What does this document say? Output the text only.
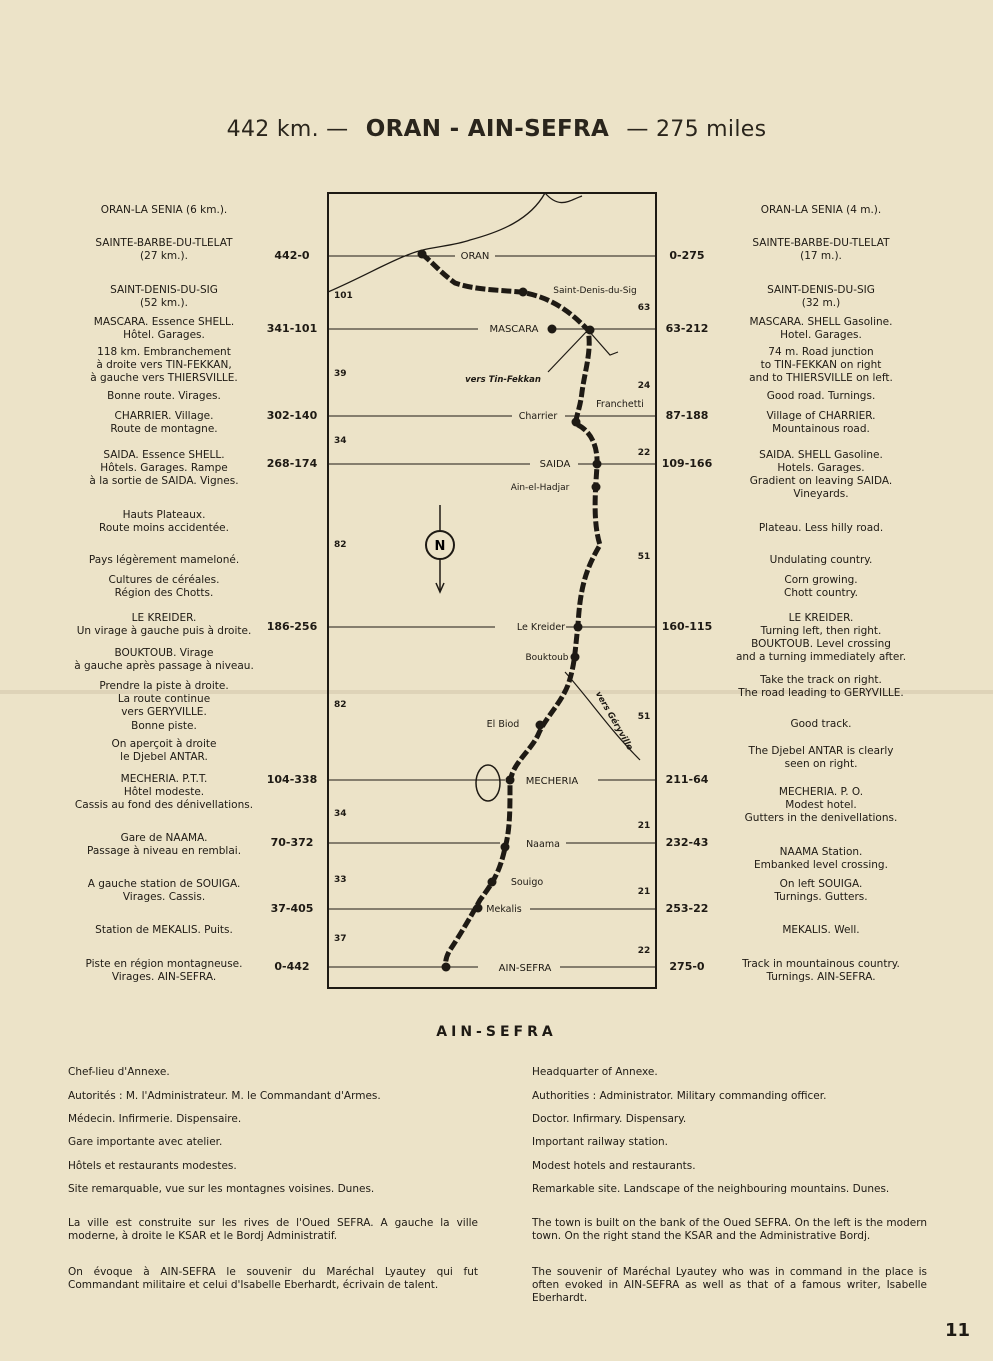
442 km. — ORAN - AIN-SEFRA — 275 miles
ORAN-LA SENIA (6 km.).
SAINTE-BARBE-DU-TLELAT
(27 km.).
SAINT-DENIS-DU-SIG
(52 km.).
MASCARA. Essence SHELL.
Hôtel. Garages.
118 km. Embranchement
à droite vers TIN-FEKKAN,
à gauche vers THIERSVILLE.
Bonne route. Virages.
CHARRIER. Village.
Route de montagne.
SAIDA. Essence SHELL.
Hôtels. Garages. Rampe
à la sortie de SAIDA. Vignes.
Hauts Plateaux.
Route moins accidentée.
Pays légèrement mameloné.
Cultures de céréales.
Région des Chotts.
LE KREIDER.
Un virage à gauche puis à droite.
BOUKTOUB. Virage
à gauche après passage à niveau.
Prendre la piste à droite.
La route continue
vers GERYVILLE.
Bonne piste.
On aperçoit à droite
le Djebel ANTAR.
MECHERIA. P.T.T.
Hôtel modeste.
Cassis au fond des dénivellations.
Gare de NAAMA.
Passage à niveau en remblai.
A gauche station de SOUIGA.
Virages. Cassis.
Station de MEKALIS. Puits.
Piste en région montagneuse.
Virages. AIN-SEFRA.
ORAN-LA SENIA (4 m.).
SAINTE-BARBE-DU-TLELAT
(17 m.).
SAINT-DENIS-DU-SIG
(32 m.)
MASCARA. SHELL Gasoline.
Hotel. Garages.
74 m. Road junction
to TIN-FEKKAN on right
and to THIERSVILLE on left.
Good road. Turnings.
Village of CHARRIER.
Mountainous road.
SAIDA. SHELL Gasoline.
Hotels. Garages.
Gradient on leaving SAIDA.
Vineyards.
Plateau. Less hilly road.
Undulating country.
Corn growing.
Chott country.
LE KREIDER.
Turning left, then right.
BOUKTOUB. Level crossing
and a turning immediately after.
Take the track on right.
The road leading to GERYVILLE.
Good track.
The Djebel ANTAR is clearly
seen on right.
MECHERIA. P. O.
Modest hotel.
Gutters in the denivellations.
NAAMA Station.
Embanked level crossing.
On left SOUIGA.
Turnings. Gutters.
MEKALIS. Well.
Track in mountainous country.
Turnings. AIN-SEFRA.
442-0
341-101
302-140
268-174
186-256
104-338
70-372
37-405
0-442
0-275
63-212
87-188
109-166
160-115
211-64
232-43
253-22
275-0
N
ORAN
Saint-Denis-du-Sig
MASCARA
vers Tin-Fekkan
Franchetti
Charrier
SAIDA
Ain-el-Hadjar
Le Kreider
Bouktoub
vers Géryville
El Biod
MECHERIA
Naama
Souigo
Mekalis
AIN-SEFRA
101
39
34
82
82
34
33
37
63
24
22
51
51
21
21
22
AIN-SEFRA

Chef-lieu d'Annexe.

Autorités : M. l'Administrateur. M. le Commandant d'Armes.

Médecin. Infirmerie. Dispensaire.

Gare importante avec atelier.

Hôtels et restaurants modestes.

Site remarquable, vue sur les montagnes voisines. Dunes.

La ville est construite sur les rives de l'Oued SEFRA. A gauche la ville moderne, à droite le KSAR et le Bordj Administratif.

On évoque à AIN-SEFRA le souvenir du Maréchal Lyautey qui fut Commandant militaire et celui d'Isabelle Eberhardt, écrivain de talent.

Headquarter of Annexe.

Authorities : Administrator. Military commanding officer.

Doctor. Infirmary. Dispensary.

Important railway station.

Modest hotels and restaurants.

Remarkable site. Landscape of the neighbouring mountains. Dunes.

The town is built on the bank of the Oued SEFRA. On the left is the modern town. On the right stand the KSAR and the Administrative Bordj.

The souvenir of Maréchal Lyautey who was in command in the place is often evoked in AIN-SEFRA as well as that of a famous writer, Isabelle Eberhardt.

11
